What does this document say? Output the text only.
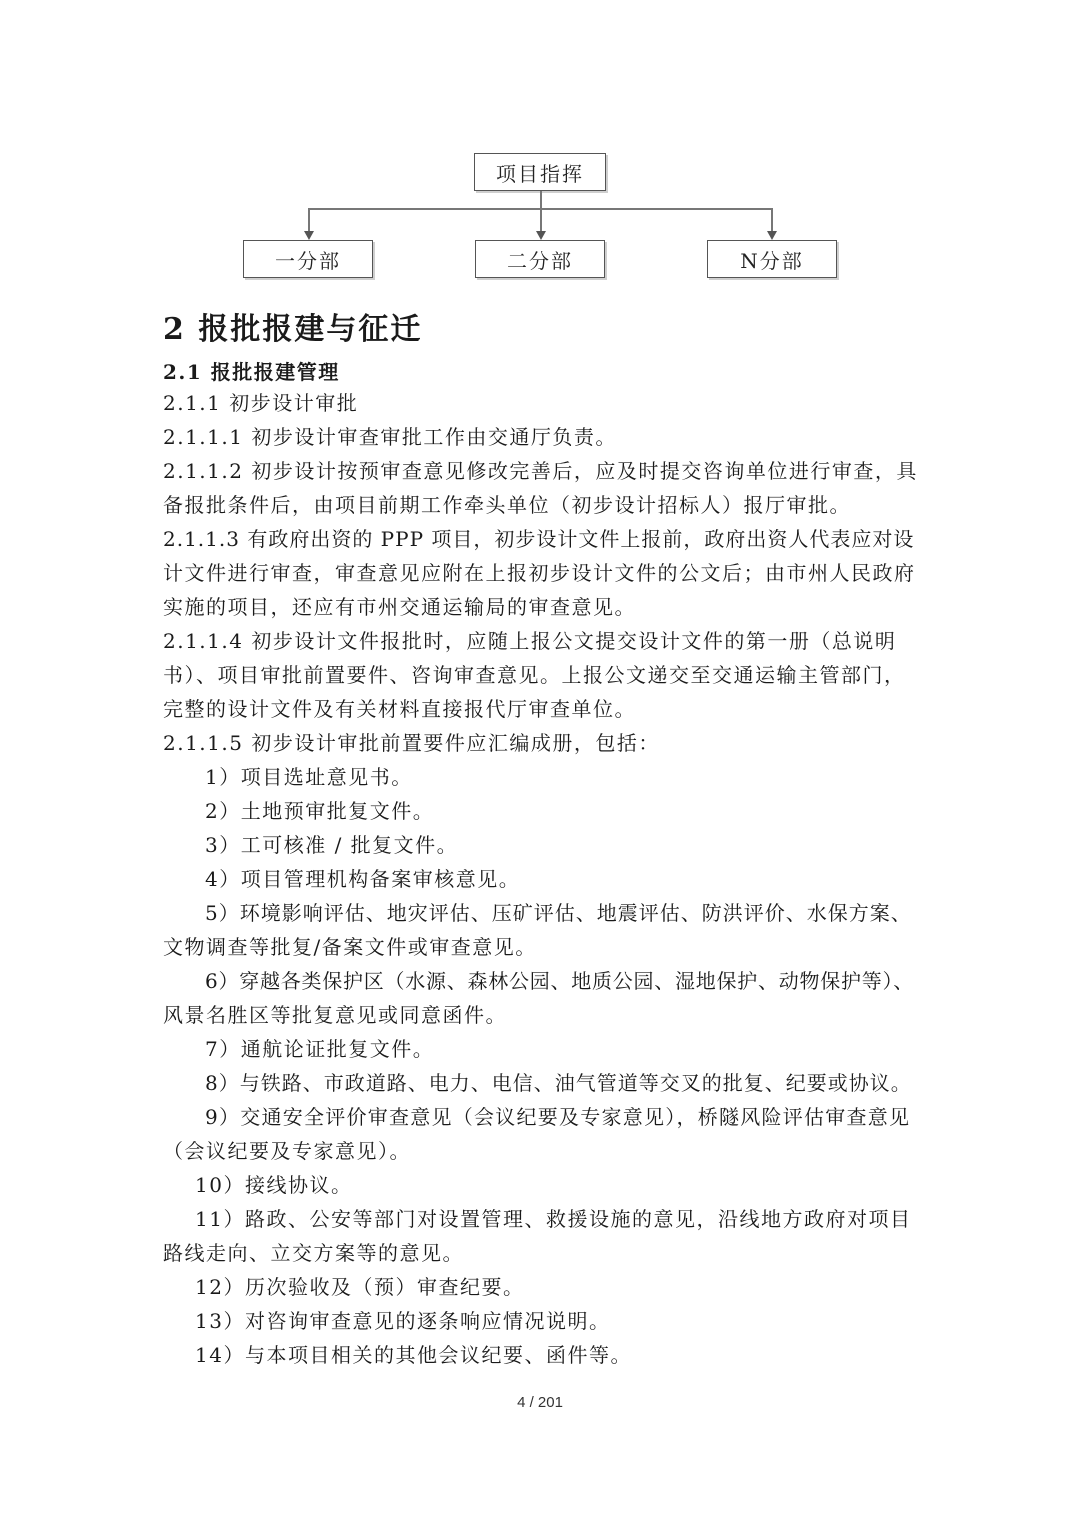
项目指挥
一分部	二分部	N分部
2 报批报建与征迁
2.1 报批报建管理
2.1.1 初步设计审批
2.1.1.1 初步设计审查审批工作由交通厅负责。
2.1.1.2 初步设计按预审查意见修改完善后，应及时提交咨询单位进行审查，具
备报批条件后，由项目前期工作牵头单位（初步设计招标人）报厅审批。
2.1.1.3 有政府出资的 PPP 项目，初步设计文件上报前，政府出资人代表应对设
计文件进行审查，审查意见应附在上报初步设计文件的公文后；由市州人民政府
实施的项目，还应有市州交通运输局的审查意见。
2.1.1.4 初步设计文件报批时，应随上报公文提交设计文件的第一册（总说明
书）、项目审批前置要件、咨询审查意见。上报公文递交至交通运输主管部门，
完整的设计文件及有关材料直接报代厅审查单位。
2.1.1.5 初步设计审批前置要件应汇编成册，包括：
1）项目选址意见书。
2）土地预审批复文件。
3）工可核准 / 批复文件。
4）项目管理机构备案审核意见。
5）环境影响评估、地灾评估、压矿评估、地震评估、防洪评价、水保方案、
文物调查等批复/备案文件或审查意见。
6）穿越各类保护区（水源、森林公园、地质公园、湿地保护、动物保护等）、
风景名胜区等批复意见或同意函件。
7）通航论证批复文件。
8）与铁路、市政道路、电力、电信、油气管道等交叉的批复、纪要或协议。
9）交通安全评价审查意见（会议纪要及专家意见），桥隧风险评估审查意见
（会议纪要及专家意见）。
10）接线协议。
11）路政、公安等部门对设置管理、救援设施的意见，沿线地方政府对项目
路线走向、立交方案等的意见。
12）历次验收及（预）审查纪要。
13）对咨询审查意见的逐条响应情况说明。
14）与本项目相关的其他会议纪要、函件等。
4 / 201
